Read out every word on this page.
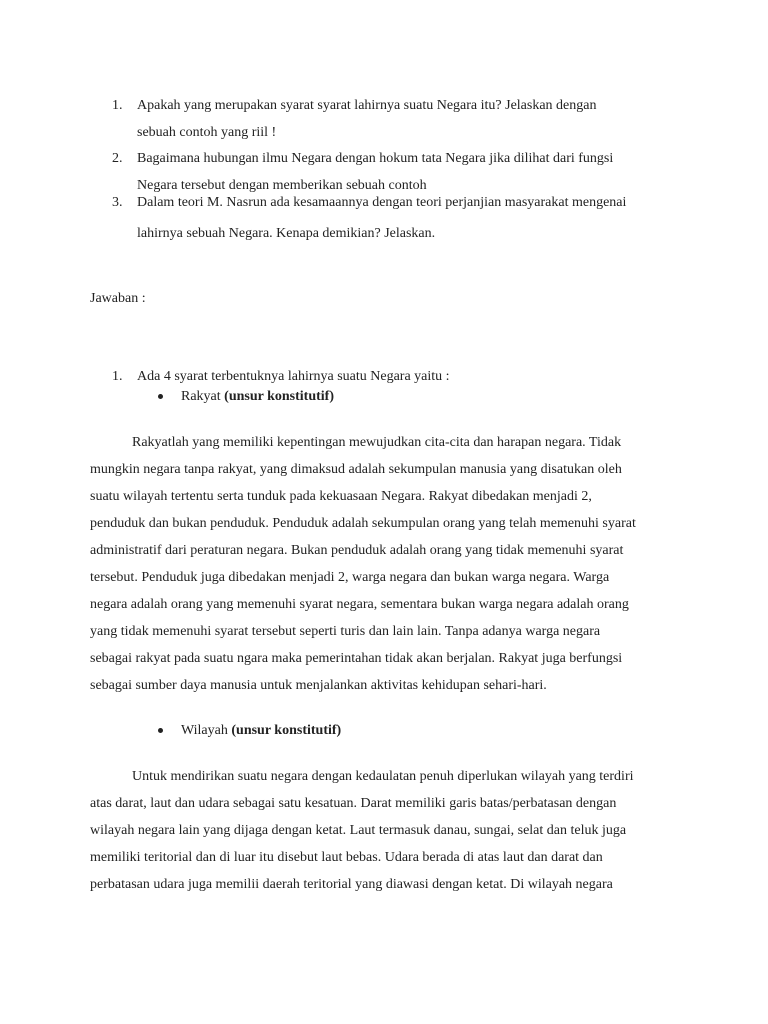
1. Apakah yang merupakan syarat syarat lahirnya suatu Negara itu? Jelaskan dengan
sebuah contoh yang riil !
2. Bagaimana hubungan ilmu Negara dengan hokum tata Negara jika dilihat dari fungsi
Negara tersebut dengan memberikan sebuah contoh
3. Dalam teori M. Nasrun ada kesamaannya dengan teori perjanjian masyarakat mengenai
lahirnya sebuah Negara. Kenapa demikian? Jelaskan.
Jawaban :
1. Ada 4 syarat terbentuknya lahirnya suatu Negara yaitu :
Rakyat (unsur konstitutif)
Rakyatlah yang memiliki kepentingan mewujudkan cita-cita dan harapan negara. Tidak
mungkin negara tanpa rakyat, yang dimaksud adalah sekumpulan manusia yang disatukan oleh
suatu wilayah tertentu serta tunduk pada kekuasaan Negara. Rakyat dibedakan menjadi 2,
penduduk dan bukan penduduk. Penduduk adalah sekumpulan orang yang telah memenuhi syarat
administratif dari peraturan negara. Bukan penduduk adalah orang yang tidak memenuhi syarat
tersebut. Penduduk juga dibedakan menjadi 2, warga negara dan bukan warga negara. Warga
negara adalah orang yang memenuhi syarat negara, sementara bukan warga negara adalah orang
yang tidak memenuhi syarat tersebut seperti turis dan lain lain. Tanpa adanya warga negara
sebagai rakyat pada suatu ngara maka pemerintahan tidak akan berjalan. Rakyat juga berfungsi
sebagai sumber daya manusia untuk menjalankan aktivitas kehidupan sehari-hari.
Wilayah (unsur konstitutif)
Untuk mendirikan suatu negara dengan kedaulatan penuh diperlukan wilayah yang terdiri
atas darat, laut dan udara sebagai satu kesatuan. Darat memiliki garis batas/perbatasan dengan
wilayah negara lain yang dijaga dengan ketat. Laut termasuk danau, sungai, selat dan teluk juga
memiliki teritorial dan di luar itu disebut laut bebas. Udara berada di atas laut dan darat dan
perbatasan udara juga memilii daerah teritorial yang diawasi dengan ketat. Di wilayah negara
